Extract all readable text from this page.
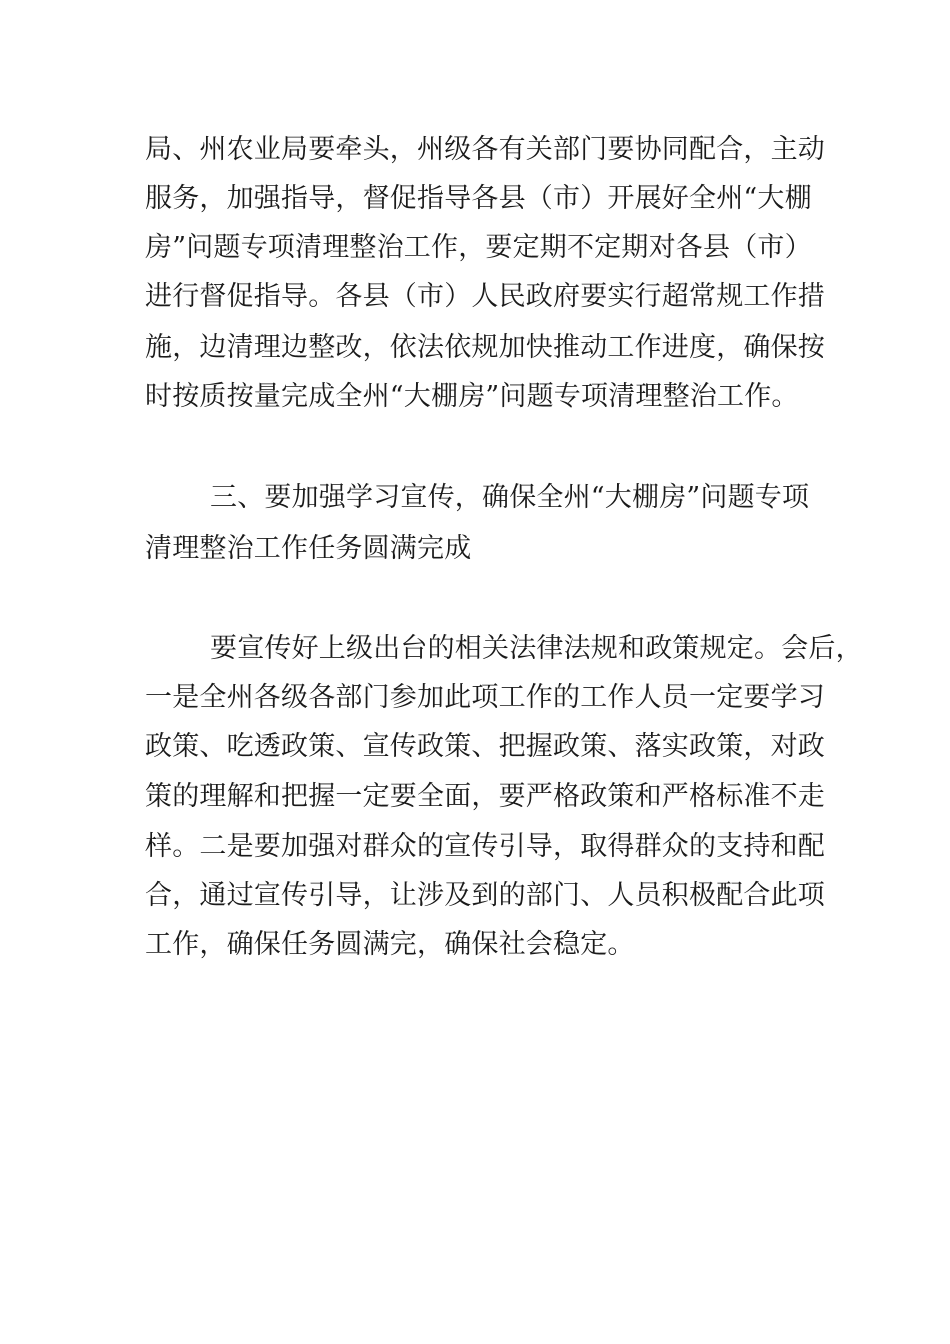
局、州农业局要牵头，州级各有关部门要协同配合，主动
服务，加强指导，督促指导各县（市）开展好全州“大棚
房”问题专项清理整治工作，要定期不定期对各县（市）
进行督促指导。各县（市）人民政府要实行超常规工作措
施，边清理边整改，依法依规加快推动工作进度，确保按
时按质按量完成全州“大棚房”问题专项清理整治工作。
三、要加强学习宣传，确保全州“大棚房”问题专项
清理整治工作任务圆满完成
要宣传好上级出台的相关法律法规和政策规定。会后，
一是全州各级各部门参加此项工作的工作人员一定要学习
政策、吃透政策、宣传政策、把握政策、落实政策，对政
策的理解和把握一定要全面，要严格政策和严格标准不走
样。二是要加强对群众的宣传引导，取得群众的支持和配
合，通过宣传引导，让涉及到的部门、人员积极配合此项
工作，确保任务圆满完，确保社会稳定。
